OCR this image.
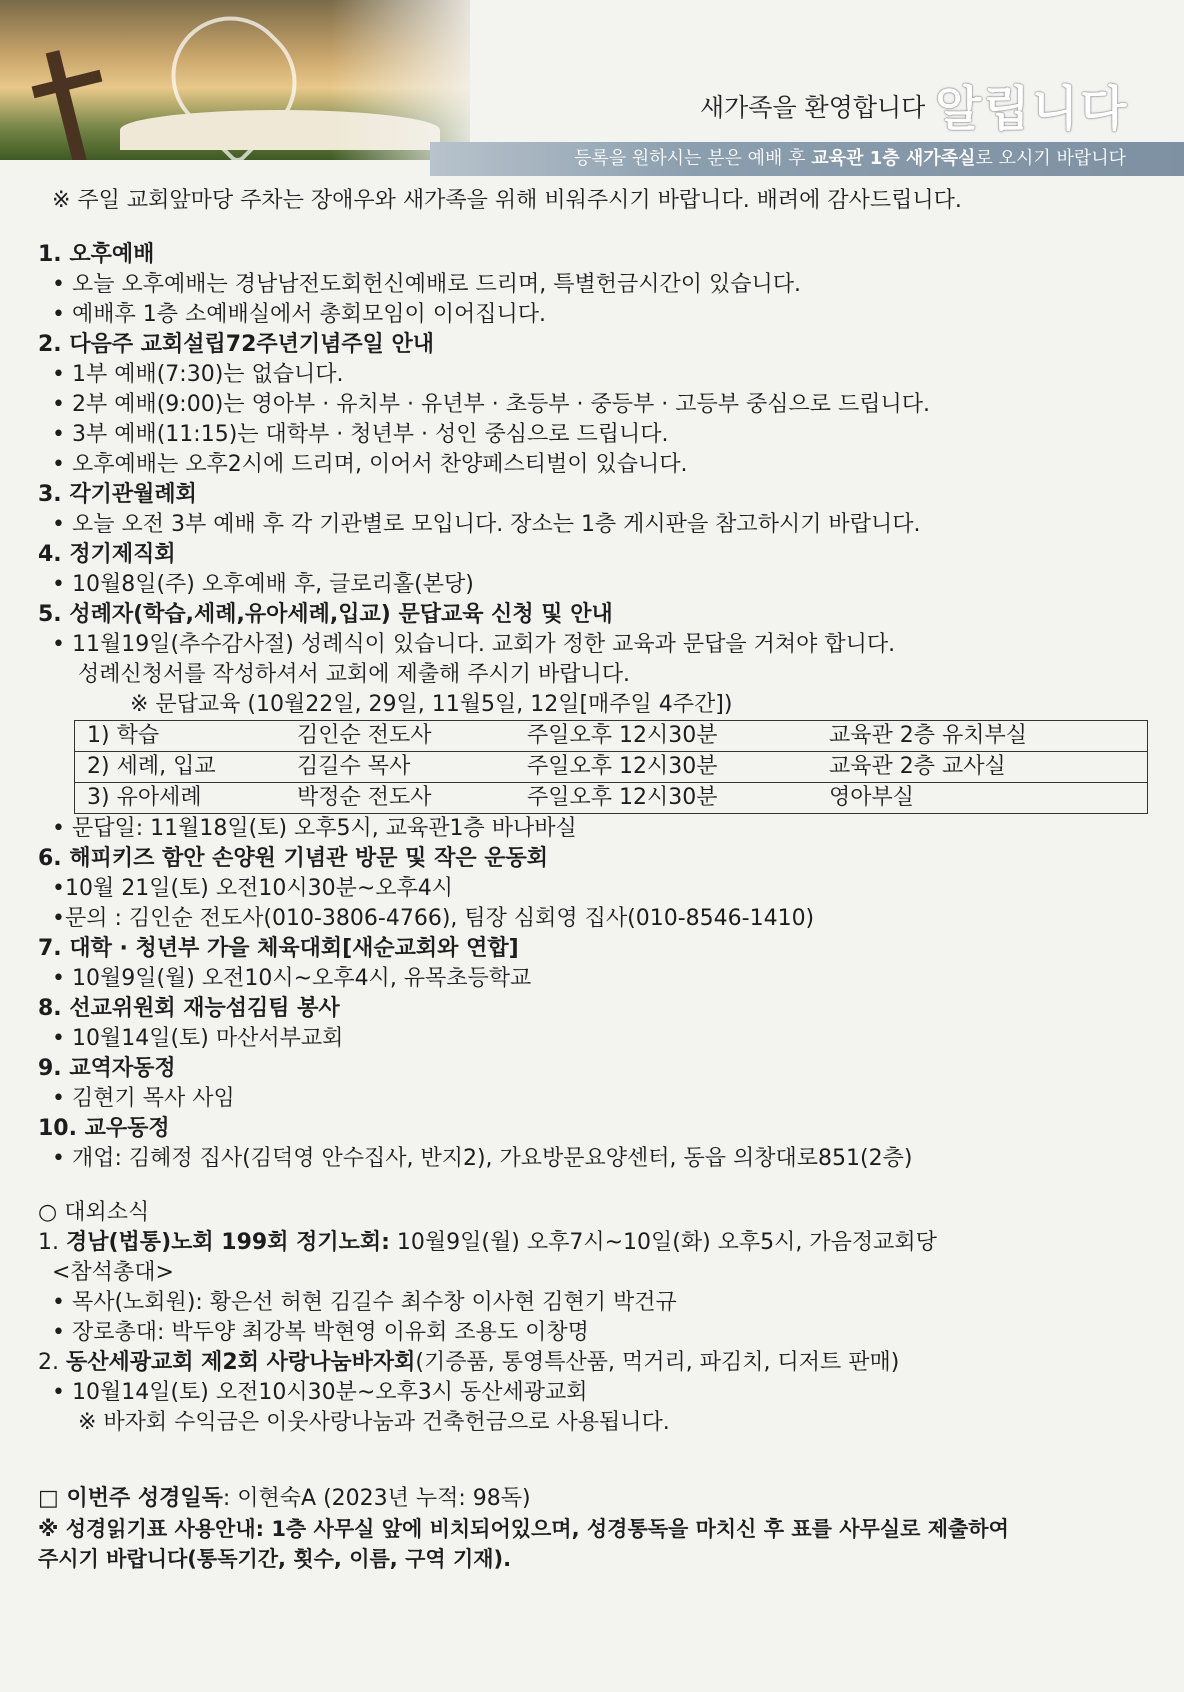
새가족을 환영합니다 알립니다
등록을 원하시는 분은 예배 후 교육관 1층 새가족실로 오시기 바랍니다
※ 주일 교회앞마당 주차는 장애우와 새가족을 위해 비워주시기 바랍니다. 배려에 감사드립니다.
1. 오후예배
• 오늘 오후예배는 경남남전도회헌신예배로 드리며, 특별헌금시간이 있습니다.
• 예배후 1층 소예배실에서 총회모임이 이어집니다.
2. 다음주 교회설립72주년기념주일 안내
• 1부 예배(7:30)는 없습니다.
• 2부 예배(9:00)는 영아부 · 유치부 · 유년부 · 초등부 · 중등부 · 고등부 중심으로 드립니다.
• 3부 예배(11:15)는 대학부 · 청년부 · 성인 중심으로 드립니다.
• 오후예배는 오후2시에 드리며, 이어서 찬양페스티벌이 있습니다.
3. 각기관월례회
• 오늘 오전 3부 예배 후 각 기관별로 모입니다. 장소는 1층 게시판을 참고하시기 바랍니다.
4. 정기제직회
• 10월8일(주) 오후예배 후, 글로리홀(본당)
5. 성례자(학습,세례,유아세례,입교) 문답교육 신청 및 안내
• 11월19일(추수감사절) 성례식이 있습니다. 교회가 정한 교육과 문답을 거쳐야 합니다.
성례신청서를 작성하셔서 교회에 제출해 주시기 바랍니다.
※ 문답교육 (10월22일, 29일, 11월5일, 12일[매주일 4주간])
1) 학습	김인순 전도사	주일오후 12시30분	교육관 2층 유치부실
2) 세례, 입교	김길수 목사	주일오후 12시30분	교육관 2층 교사실
3) 유아세례	박정순 전도사	주일오후 12시30분	영아부실
• 문답일: 11월18일(토) 오후5시, 교육관1층 바나바실
6. 해피키즈 함안 손양원 기념관 방문 및 작은 운동회
•10월 21일(토) 오전10시30분~오후4시
•문의 : 김인순 전도사(010-3806-4766), 팀장 심회영 집사(010-8546-1410)
7. 대학 · 청년부 가을 체육대회[새순교회와 연합]
• 10월9일(월) 오전10시~오후4시, 유목초등학교
8. 선교위원회 재능섬김팀 봉사
• 10월14일(토) 마산서부교회
9. 교역자동정
• 김현기 목사 사임
10. 교우동정
• 개업: 김혜정 집사(김덕영 안수집사, 반지2), 가요방문요양센터, 동읍 의창대로851(2층)
○ 대외소식
1. 경남(법통)노회 199회 정기노회: 10월9일(월) 오후7시~10일(화) 오후5시, 가음정교회당
<참석총대>
• 목사(노회원): 황은선 허현 김길수 최수창 이사현 김현기 박건규
• 장로총대: 박두양 최강복 박현영 이유회 조용도 이창명
2. 동산세광교회 제2회 사랑나눔바자회(기증품, 통영특산품, 먹거리, 파김치, 디저트 판매)
• 10월14일(토) 오전10시30분~오후3시 동산세광교회
※ 바자회 수익금은 이웃사랑나눔과 건축헌금으로 사용됩니다.
□ 이번주 성경일독: 이현숙A (2023년 누적: 98독)
※ 성경읽기표 사용안내: 1층 사무실 앞에 비치되어있으며, 성경통독을 마치신 후 표를 사무실로 제출하여
주시기 바랍니다(통독기간, 횟수, 이름, 구역 기재).
